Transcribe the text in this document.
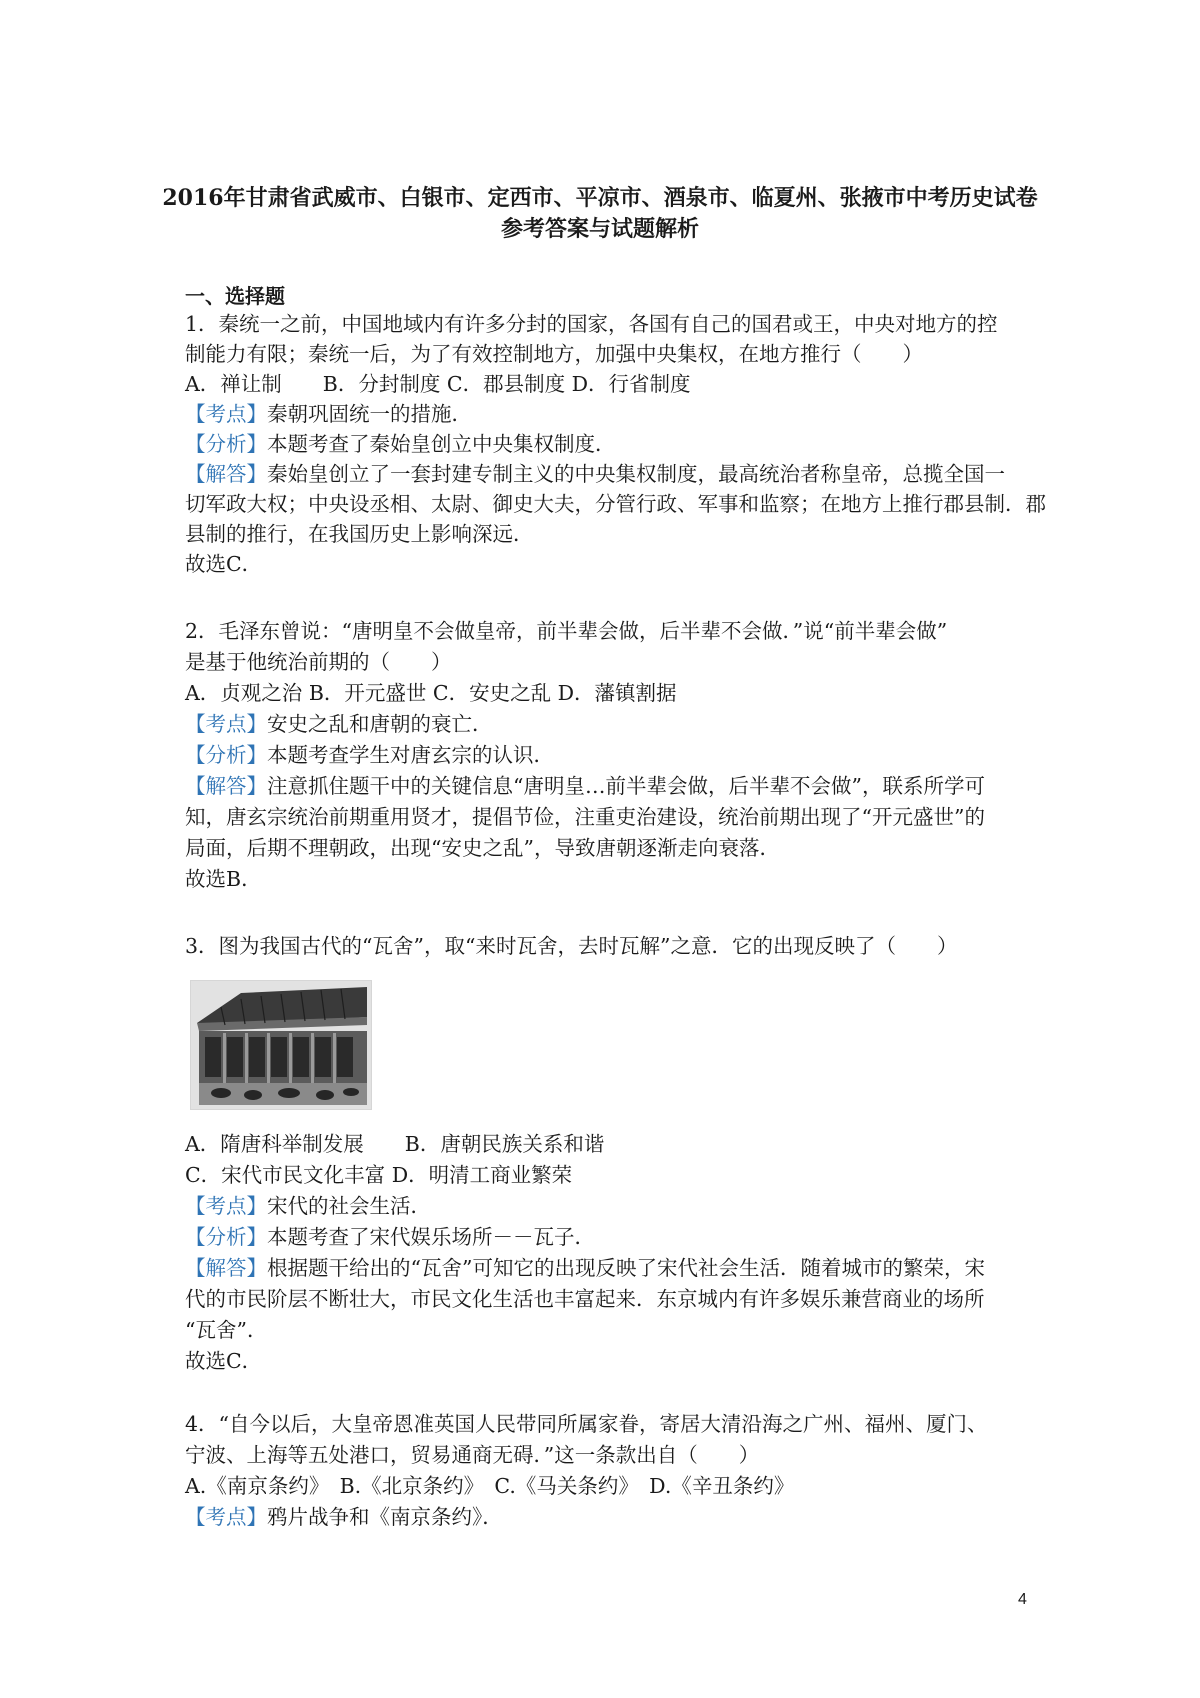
2016年甘肃省武威市、白银市、定西市、平凉市、酒泉市、临夏州、张掖市中考历史试卷
参考答案与试题解析
一、选择题
1．秦统一之前，中国地域内有许多分封的国家，各国有自己的国君或王，中央对地方的控
制能力有限；秦统一后，为了有效控制地方，加强中央集权，在地方推行（　　）
A．禅让制　　B．分封制度 C．郡县制度 D．行省制度
【考点】秦朝巩固统一的措施．
【分析】本题考查了秦始皇创立中央集权制度．
【解答】秦始皇创立了一套封建专制主义的中央集权制度，最高统治者称皇帝，总揽全国一
切军政大权；中央设丞相、太尉、御史大夫，分管行政、军事和监察；在地方上推行郡县制．郡
县制的推行，在我国历史上影响深远．
故选C．
2．毛泽东曾说：“唐明皇不会做皇帝，前半辈会做，后半辈不会做．”说“前半辈会做”
是基于他统治前期的（　　）
A．贞观之治 B．开元盛世 C．安史之乱 D．藩镇割据
【考点】安史之乱和唐朝的衰亡．
【分析】本题考查学生对唐玄宗的认识．
【解答】注意抓住题干中的关键信息“唐明皇…前半辈会做，后半辈不会做”，联系所学可
知，唐玄宗统治前期重用贤才，提倡节俭，注重吏治建设，统治前期出现了“开元盛世”的
局面，后期不理朝政，出现“安史之乱”，导致唐朝逐渐走向衰落．
故选B．
3．图为我国古代的“瓦舍”，取“来时瓦舍，去时瓦解”之意．它的出现反映了（　　）
A．隋唐科举制发展　　B．唐朝民族关系和谐
C．宋代市民文化丰富 D．明清工商业繁荣
【考点】宋代的社会生活．
【分析】本题考查了宋代娱乐场所－－瓦子．
【解答】根据题干给出的“瓦舍”可知它的出现反映了宋代社会生活．随着城市的繁荣，宋
代的市民阶层不断壮大，市民文化生活也丰富起来．东京城内有许多娱乐兼营商业的场所
“瓦舍”．
故选C．
4．“自今以后，大皇帝恩准英国人民带同所属家眷，寄居大清沿海之广州、福州、厦门、
宁波、上海等五处港口，贸易通商无碍．”这一条款出自（　　）
A.《南京条约》　B.《北京条约》　C.《马关条约》　D.《辛丑条约》
【考点】鸦片战争和《南京条约》．
4
